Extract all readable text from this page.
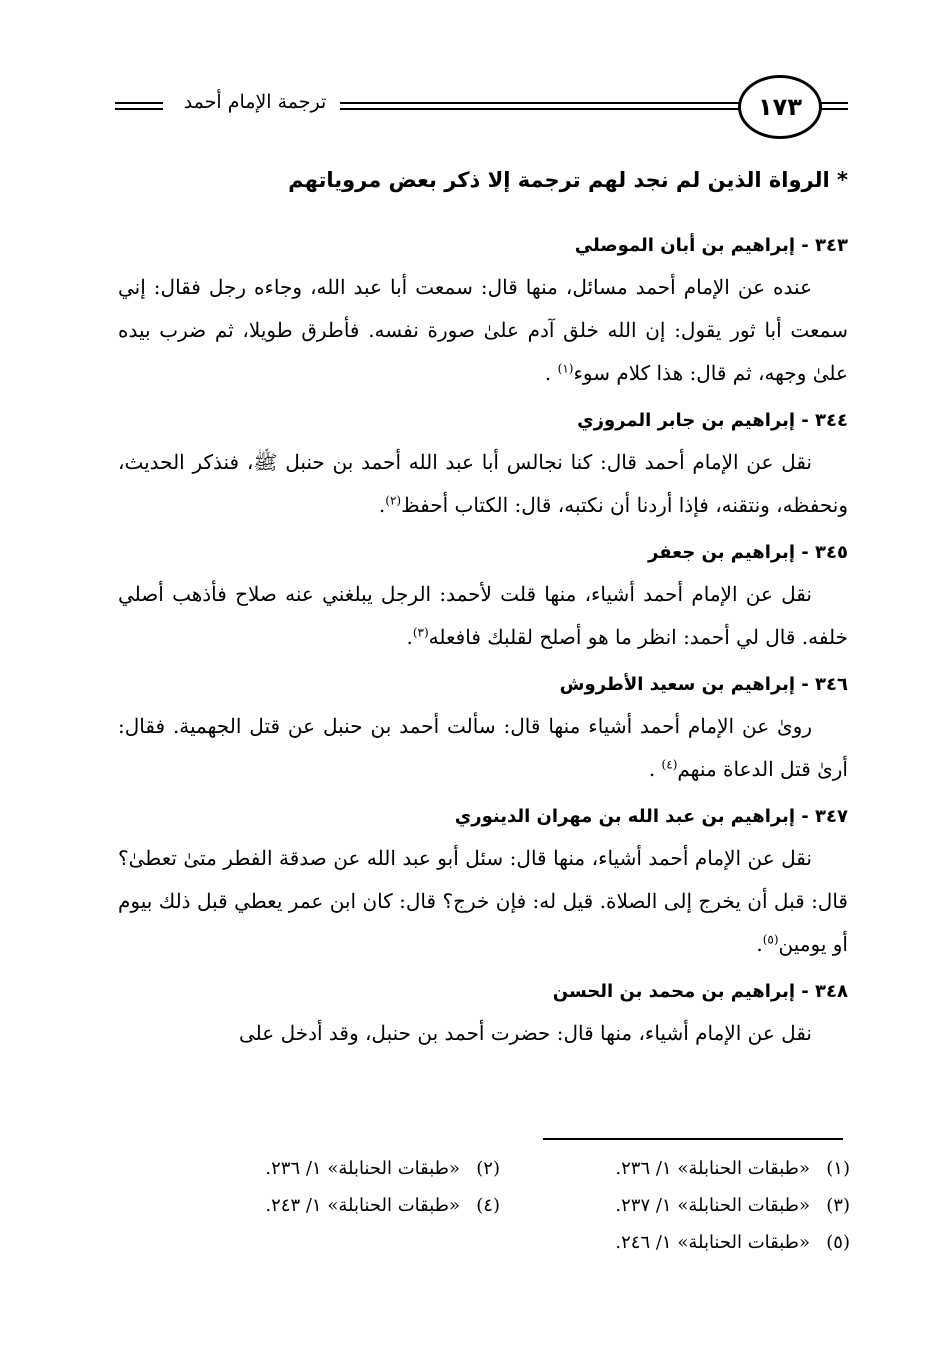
ترجمة الإمام أحمد	١٧٣

* الرواة الذين لم نجد لهم ترجمة إلا ذكر بعض مروياتهم

٣٤٣ - إبراهيم بن أبان الموصلي

عنده عن الإمام أحمد مسائل، منها قال: سمعت أبا عبد الله، وجاءه رجل فقال: إني سمعت أبا ثور يقول: إن الله خلق آدم علىٰ صورة نفسه. فأطرق طويلا، ثم ضرب بيده علىٰ وجهه، ثم قال: هذا كلام سوء$^{(١)}$ .

٣٤٤ - إبراهيم بن جابر المروزي

نقل عن الإمام أحمد قال: كنا نجالس أبا عبد الله أحمد بن حنبل ﷺ، فنذكر الحديث، ونحفظه، ونتقنه، فإذا أردنا أن نكتبه، قال: الكتاب أحفظ$^{(٢)}$.

٣٤٥ - إبراهيم بن جعفر

نقل عن الإمام أحمد أشياء، منها قلت لأحمد: الرجل يبلغني عنه صلاح فأذهب أصلي خلفه. قال لي أحمد: انظر ما هو أصلح لقلبك فافعله$^{(٣)}$.

٣٤٦ - إبراهيم بن سعيد الأطروش

روىٰ عن الإمام أحمد أشياء منها قال: سألت أحمد بن حنبل عن قتل الجهمية. فقال: أرىٰ قتل الدعاة منهم$^{(٤)}$ .

٣٤٧ - إبراهيم بن عبد الله بن مهران الدينوري

نقل عن الإمام أحمد أشياء، منها قال: سئل أبو عبد الله عن صدقة الفطر متىٰ تعطىٰ؟ قال: قبل أن يخرج إلى الصلاة. قيل له: فإن خرج؟ قال: كان ابن عمر يعطي قبل ذلك بيوم أو يومين$^{(٥)}$.

٣٤٨ - إبراهيم بن محمد بن الحسن

نقل عن الإمام أشياء، منها قال: حضرت أحمد بن حنبل، وقد أدخل على

(١)«طبقات الحنابلة» ١/ ٢٣٦.
(٢)«طبقات الحنابلة» ١/ ٢٣٦.
(٣)«طبقات الحنابلة» ١/ ٢٣٧.
(٤)«طبقات الحنابلة» ١/ ٢٤٣.
(٥)«طبقات الحنابلة» ١/ ٢٤٦.
